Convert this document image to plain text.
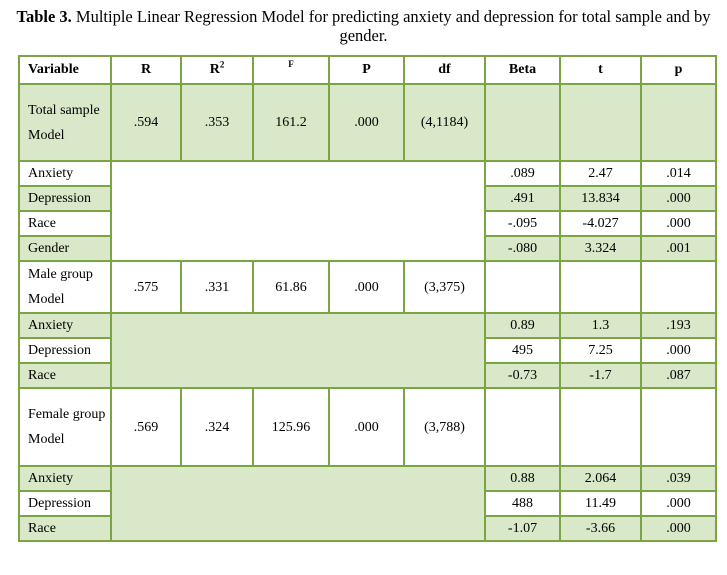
Table 3. Multiple Linear Regression Model for predicting anxiety and depression for total sample and by gender.
Variable	R	$R^2$	$^F$	P	df	Beta	t	p
Total sample Model	.594	.353	161.2	.000	(4,1184)			
Anxiety						.089	2.47	.014
Depression						.491	13.834	.000
Race						-.095	-4.027	.000
Gender						-.080	3.324	.001
Male group Model	.575	.331	61.86	.000	(3,375)			
Anxiety						0.89	1.3	.193
Depression						495	7.25	.000
Race						-0.73	-1.7	.087
Female group Model	.569	.324	125.96	.000	(3,788)			
Anxiety						0.88	2.064	.039
Depression						488	11.49	.000
Race						-1.07	-3.66	.000
